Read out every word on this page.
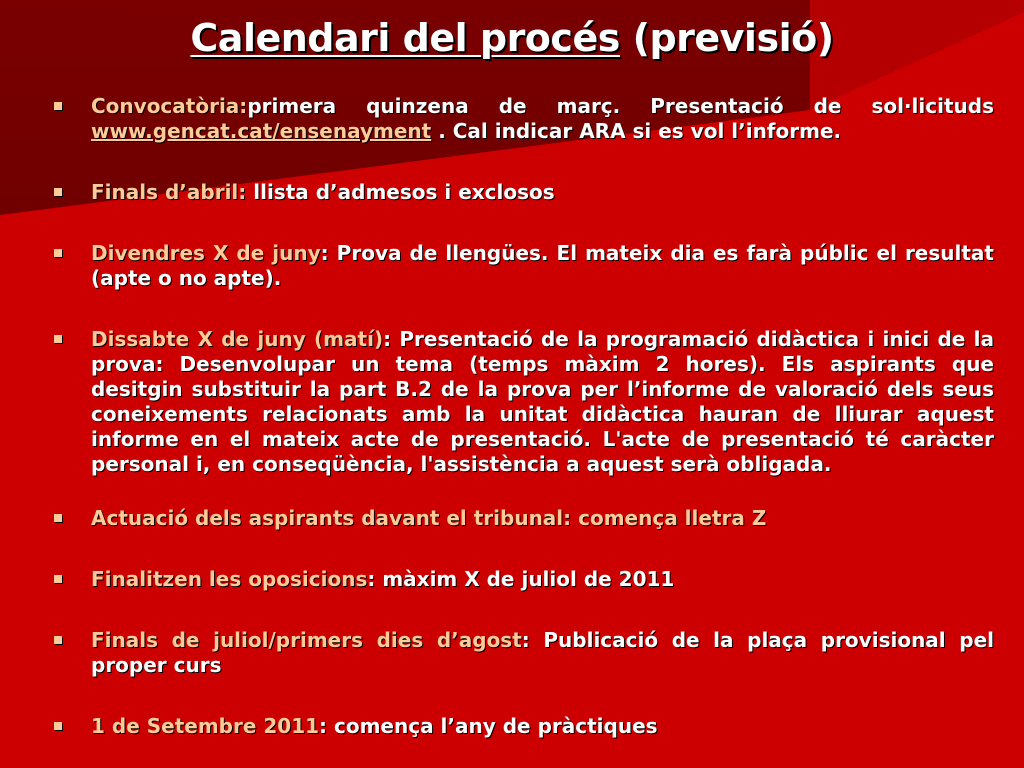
Calendari del procés (previsió)

Convocatòria:primera quinzena de març. Presentació de sol·licituds www.gencat.cat/ensenayment . Cal indicar ARA si es vol l’informe.

Finals d’abril: llista d’admesos i exclosos

Divendres X de juny: Prova de llengües. El mateix dia es farà públic el resultat (apte o no apte).

Dissabte X de juny (matí): Presentació de la programació didàctica i inici de la prova: Desenvolupar un tema (temps màxim 2 hores). Els aspirants que desitgin substituir la part B.2 de la prova per l’informe de valoració dels seus coneixements relacionats amb la unitat didàctica hauran de lliurar aquest informe en el mateix acte de presentació. L'acte de presentació té caràcter personal i, en conseqüència, l'assistència a aquest serà obligada.

Actuació dels aspirants davant el tribunal: comença lletra Z

Finalitzen les oposicions: màxim X de juliol de 2011

Finals de juliol/primers dies d’agost: Publicació de la plaça provisional pel proper curs

1 de Setembre 2011: comença l’any de pràctiques
